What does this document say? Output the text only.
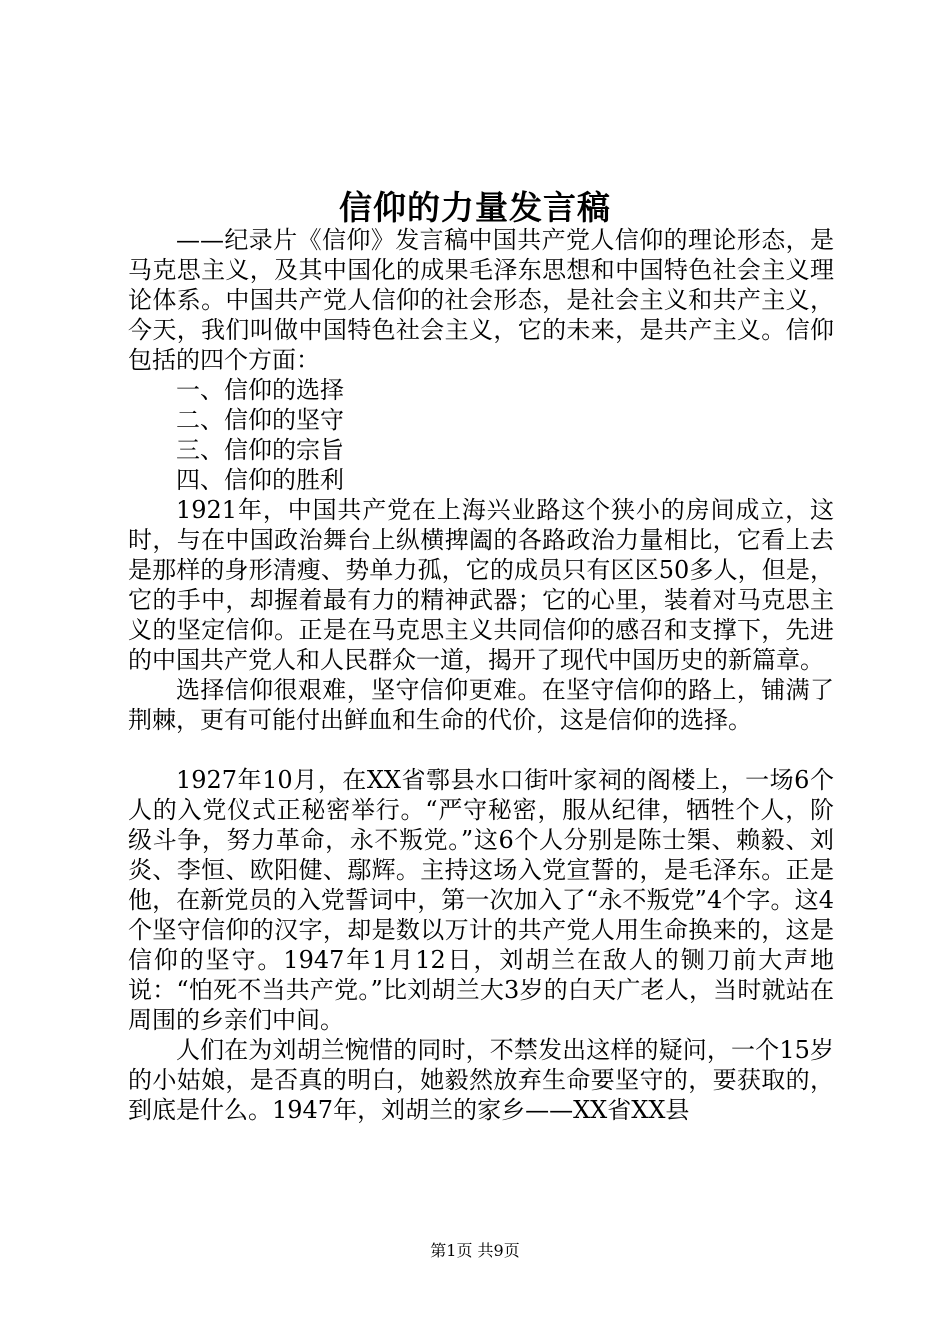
信仰的力量发言稿

——纪录片《信仰》发言稿中国共产党人信仰的理论形态，是马克思主义，及其中国化的成果毛泽东思想和中国特色社会主义理论体系。中国共产党人信仰的社会形态，是社会主义和共产主义，今天，我们叫做中国特色社会主义，它的未来，是共产主义。信仰包括的四个方面：

一、信仰的选择

二、信仰的坚守

三、信仰的宗旨

四、信仰的胜利

1921年，中国共产党在上海兴业路这个狭小的房间成立，这时，与在中国政治舞台上纵横捭阖的各路政治力量相比，它看上去是那样的身形清瘦、势单力孤，它的成员只有区区50多人，但是，它的手中，却握着最有力的精神武器；它的心里，装着对马克思主义的坚定信仰。正是在马克思主义共同信仰的感召和支撑下，先进的中国共产党人和人民群众一道，揭开了现代中国历史的新篇章。

选择信仰很艰难，坚守信仰更难。在坚守信仰的路上，铺满了荆棘，更有可能付出鲜血和生命的代价，这是信仰的选择。

1927年10月，在XX省鄠县水口街叶家祠的阁楼上，一场6个人的入党仪式正秘密举行。“严守秘密，服从纪律，牺牲个人，阶级斗争，努力革命，永不叛党。”这6个人分别是陈士榘、赖毅、刘炎、李恒、欧阳健、鄢辉。主持这场入党宣誓的，是毛泽东。正是他，在新党员的入党誓词中，第一次加入了“永不叛党”4个字。这4个坚守信仰的汉字，却是数以万计的共产党人用生命换来的，这是信仰的坚守。1947年1月12日，刘胡兰在敌人的铡刀前大声地说：“怕死不当共产党。”比刘胡兰大3岁的白天广老人，当时就站在周围的乡亲们中间。

人们在为刘胡兰惋惜的同时，不禁发出这样的疑问，一个15岁的小姑娘，是否真的明白，她毅然放弃生命要坚守的，要获取的，到底是什么。1947年，刘胡兰的家乡——XX省XX县

第1页 共9页
